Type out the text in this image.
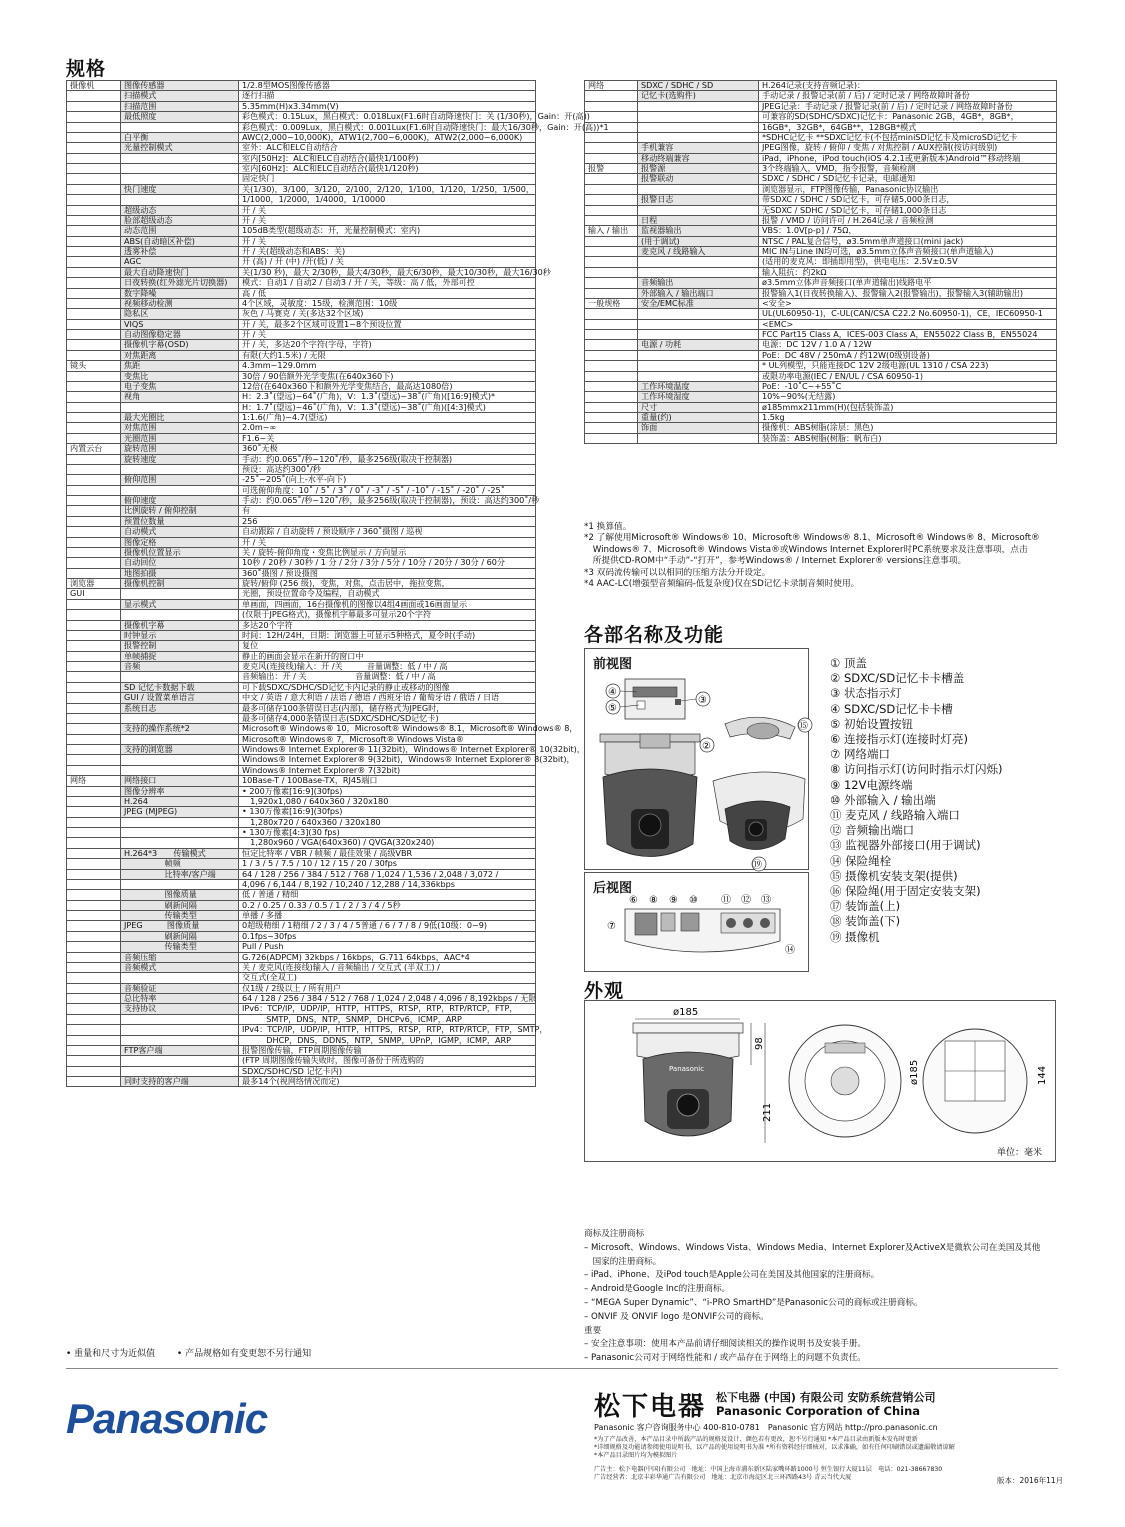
规格
摄像机	图像传感器	1/2.8型MOS图像传感器
	扫描模式	逐行扫描
	扫描范围	5.35mm(H)x3.34mm(V)
	最低照度	彩色模式：0.15Lux，黑白模式：0.018Lux(F1.6时自动降速快门：关 (1/30秒)，Gain：开(高))
		彩色模式：0.009Lux，黑白模式：0.001Lux(F1.6时自动降速快门：最大16/30秒，Gain：开(高))*1
	白平衡	AWC(2,000~10,000K)，ATW1(2,700~6,000K)，ATW2(2,000~6,000K)
	光量控制模式	室外：ALC和ELC自动结合
		室内[50Hz]：ALC和ELC自动结合(最快1/100秒)
		室内[60Hz]：ALC和ELC自动结合(最快1/120秒)
		固定快门
	快门速度	关(1/30)，3/100，3/120，2/100，2/120，1/100，1/120，1/250，1/500，
		1/1000，1/2000，1/4000，1/10000
	超级动态	开 / 关
	脸部超级动态	开 / 关
	动态范围	105dB类型(超级动态：开，光量控制模式：室内)
	ABS(自动暗区补偿)	开 / 关
	透雾补偿	开 / 关(超级动态和ABS：关)
	AGC	开 (高) / 开 (中) /开(低) / 关
	最大自动降速快门	关(1/30 秒)，最大 2/30秒，最大4/30秒，最大6/30秒，最大10/30秒，最大16/30秒
	日夜转换(红外滤光片切换器)	模式：自动1 / 自动2 / 自动3 / 开 / 关，等级：高 / 低，外部可控
	数字降噪	高 / 低
	视频移动检测	4个区域，灵敏度：15级，检测范围：10级
	隐私区	灰色 / 马赛克 / 关(多达32个区域)
	VIQS	开 / 关，最多2个区域可设置1~8个预设位置
	自动图像稳定器	开 / 关
	摄像机字幕(OSD)	开 / 关，多达20个字符(字母，字符)
	对焦距离	有限(大约1.5米) / 无限
镜头	焦距	4.3mm~129.0mm
	变焦比	30倍 / 90倍额外光学变焦(在640x360下)
	电子变焦	12倍(在640x360下和额外光学变焦结合，最高达1080倍)
	视角	H：2.3˚(望远)~64˚(广角)，V：1.3˚(望远)~38˚(广角)([16:9]模式)*
		H：1.7˚(望远)~46˚(广角)，V：1.3˚(望远)~38˚(广角)([4:3]模式)
	最大光圈比	1:1.6(广角)~4.7(望远)
	对焦范围	2.0m~∞
	光圈范围	F1.6~关
内置云台	旋转范围	360˚无极
	旋转速度	手动：约0.065˚/秒~120˚/秒，最多256级(取决于控制器)
		预设：高达约300˚/秒
	俯仰范围	-25˚~205˚(向上-水平-向下)
		可选俯仰角度：10˚ / 5˚ / 3˚ / 0˚ / -3˚ / -5˚ / -10˚ / -15˚ / -20˚ / -25˚
	俯仰速度	手动：约0.065˚/秒~120˚/秒，最多256级(取决于控制器)，预设：高达约300˚/秒
	比例旋转 / 俯仰控制	有
	预置位数量	256
	自动模式	自动跟踪 / 自动旋转 / 预设顺序 / 360˚摄图 / 巡视
	图像定格	开 / 关
	摄像机位置显示	关 / 旋转-俯仰角度・变焦比例显示 / 方向显示
	自动回位	10秒 / 20秒 / 30秒 / 1 分 / 2分 / 3分 / 5分 / 10分 / 20分 / 30分 / 60分
	地图拍摄	360˚摄图 / 预设摄图
浏览器	摄像机控制	旋转/俯仰 (256 级)，变焦，对焦，点击居中，拖拉变焦，
GUI		光圈，预设位置命令及编程，自动模式
	显示模式	单画面，四画面，16台摄像机的图像以4组4画面或16画面显示
		(仅限于JPEG格式)，摄像机字幕最多可显示20个字符
	摄像机字幕	多达20个字符
	时钟显示	时间：12H/24H，日期：浏览器上可显示5种格式，夏令时(手动)
	报警控制	复位
	单帧捕捉	静止的画面会显示在新开的窗口中
	音频	麦克风(连接线)输入：开 /关　　　音量调整：低 / 中 / 高
		音频输出：开 / 关　　　　　　音量调整：低 / 中 / 高
	SD 记忆卡数据下载	可下载SDXC/SDHC/SD记忆卡内记录的静止或移动的图像
	GUI / 设置菜单语言	中文 / 英语 / 意大利语 / 法语 / 德语 / 西班牙语 / 葡萄牙语 / 俄语 / 日语
	系统日志	最多可储存100条错误日志(内部)，储存格式为JPEG时，
		最多可储存4,000条错误日志(SDXC/SDHC/SD记忆卡)
	支持的操作系统*2	Microsoft® Windows® 10，Microsoft® Windows® 8.1，Microsoft® Windows® 8，
		Microsoft® Windows® 7，Microsoft® Windows Vista®
	支持的浏览器	Windows® Internet Explorer® 11(32bit)，Windows® Internet Explorer® 10(32bit)，
		Windows® Internet Explorer® 9(32bit)，Windows® Internet Explorer® 8(32bit)，
		Windows® Internet Explorer® 7(32bit)
网络	网络接口	10Base-T / 100Base-TX，RJ45端口
	图像分辨率	• 200万像素[16:9](30fps)
	H.264	　1,920x1,080 / 640x360 / 320x180
	JPEG (MJPEG)	• 130万像素[16:9](30fps)
		　1,280x720 / 640x360 / 320x180
		• 130万像素[4:3](30 fps)
		　1,280x960 / VGA(640x360) / QVGA(320x240)
	H.264*3　　传输模式	恒定比特率 / VBR / 帧频 / 最佳效果 / 高级VBR
	　　　　　帧频	1 / 3 / 5 / 7.5 / 10 / 12 / 15 / 20 / 30fps
	　　　　　比特率/客户端	64 / 128 / 256 / 384 / 512 / 768 / 1,024 / 1,536 / 2,048 / 3,072 /
		4,096 / 6,144 / 8,192 / 10,240 / 12,288 / 14,336kbps
	　　　　　图像质量	低 / 普通 / 精细
	　　　　　刷新间隔	0.2 / 0.25 / 0.33 / 0.5 / 1 / 2 / 3 / 4 / 5秒
	　　　　　传输类型	单播 / 多播
	JPEG　　　图像质量	0超级精细 / 1精细 / 2 / 3 / 4 / 5普通 / 6 / 7 / 8 / 9低(10级：0~9)
	　　　　　刷新间隔	0.1fps~30fps
	　　　　　传输类型	Pull / Push
	音频压缩	G.726(ADPCM) 32kbps / 16kbps，G.711 64kbps，AAC*4
	音频模式	关 / 麦克风(连接线)输入 / 音频输出 / 交互式 (半双工) /
		交互式(全双工)
	音频验证	仅1级 / 2级以上 / 所有用户
	总比特率	64 / 128 / 256 / 384 / 512 / 768 / 1,024 / 2,048 / 4,096 / 8,192kbps / 无限
	支持协议	IPv6：TCP/IP，UDP/IP，HTTP，HTTPS，RTSP，RTP，RTP/RTCP，FTP，
		　　　SMTP，DNS，NTP，SNMP，DHCPv6，ICMP，ARP
		IPv4：TCP/IP，UDP/IP，HTTP，HTTPS，RTSP，RTP，RTP/RTCP，FTP，SMTP，
		　　　DHCP，DNS，DDNS，NTP，SNMP，UPnP，IGMP，ICMP，ARP
	FTP客户端	报警图像传输，FTP周期图像传输
		(FTP 周期图像传输失败时，图像可备份于所选购的
		SDXC/SDHC/SD 记忆卡内)
	同时支持的客户端	最多14个(视网络情况而定)
网络	SDXC / SDHC / SD	H.264记录(支持音频记录)：
	记忆卡(选购件)	手动记录 / 报警记录(前 / 后) / 定时记录 / 网络故障时备份
		JPEG记录：手动记录 / 报警记录(前 / 后) / 定时记录 / 网络故障时备份
		可兼容的SD(SDHC/SDXC)记忆卡：Panasonic 2GB，4GB*，8GB*，
		16GB*，32GB*，64GB**，128GB*模式
		*SDHC记忆卡 **SDXC记忆卡(不包括miniSD记忆卡及microSD记忆卡
	手机兼容	JPEG图像，旋转 / 俯仰 / 变焦 / 对焦控制 / AUX控制(按访问级别)
	移动终端兼容	iPad，iPhone，iPod touch(iOS 4.2.1或更新版本)Android™移动终端
报警	报警源	3个终端输入，VMD，指令报警，音频检测
	报警联动	SDXC / SDHC / SD记忆卡记录，电邮通知
		浏览器显示，FTP图像传输，Panasonic协议输出
	报警日志	带SDXC / SDHC / SD记忆卡，可存储5,000条日志，
		无SDXC / SDHC / SD记忆卡，可存储1,000条日志
	日程	报警 / VMD / 访问许可 / H.264记录 / 音频检测
输入 / 输出	监视器输出	VBS：1.0V[p-p] / 75Ω，
	(用于调试)	NTSC / PAL复合信号，ø3.5mm单声道接口(mini jack)
	麦克风 / 线路输入	MIC IN与Line IN均可选，ø3.5mm立体声音频接口(单声道输入)
		(适用的麦克风：即插即用型)，供电电压：2.5V±0.5V
		输入阻抗：约2kΩ
	音频输出	ø3.5mm立体声音频接口(单声道输出)线路电平
	外部输入 / 输出端口	报警输入1(日夜转换输入)、报警输入2(报警输出)，报警输入3(辅助输出)
一般规格	安全/EMC标准	<安全>
		UL(UL60950-1)，C-UL(CAN/CSA C22.2 No.60950-1)，CE，IEC60950-1
		<EMC>
		FCC Part15 Class A，ICES-003 Class A，EN55022 Class B，EN55024
	电源 / 功耗	电源：DC 12V / 1.0 A / 12W
		PoE：DC 48V / 250mA / 约12W(0级别设备)
		* UL列模型，只能连接DC 12V 2级电源(UL 1310 / CSA 223)
		或限功率电源(IEC / EN/UL / CSA 60950-1)
	工作环境温度	PoE：-10˚C~+55˚C
	工作环境湿度	10%~90%(无结露)
	尺寸	ø185mmx211mm(H)(包括装饰盖)
	重量(约)	1.5kg
	饰面	摄像机：ABS树脂(涂层：黑色)
		装饰盖：ABS树脂(树脂：帆布白)
*1 换算值。
*2 了解使用Microsoft® Windows® 10、Microsoft® Windows® 8.1、Microsoft® Windows® 8、Microsoft®
　Windows® 7、Microsoft® Windows Vista®或Windows Internet Explorer时PC系统要求及注意事项，点击
　所提供CD-ROM中“手动”-“打开”，参考Windows® / Internet Explorer® versions注意事项。
*3 双码流传输可以以相同的压缩方法分开设定。
*4 AAC-LC(增强型音频编码-低复杂度)仅在SD记忆卡录制音频时使用。
各部名称及功能
前视图
④
⑤
③
②
⑮
⑲
后视图
⑥ ⑧ ⑨ ⑩ ⑪ ⑫ ⑬
⑦
⑭
① 顶盖
② SDXC/SD记忆卡卡槽盖
③ 状态指示灯
④ SDXC/SD记忆卡卡槽
⑤ 初始设置按钮
⑥ 连接指示灯(连接时灯亮)
⑦ 网络端口
⑧ 访问指示灯(访问时指示灯闪烁)
⑨ 12V电源终端
⑩ 外部输入 / 输出端
⑪ 麦克风 / 线路输入端口
⑫ 音频输出端口
⑬ 监视器外部接口(用于调试)
⑭ 保险绳栓
⑮ 摄像机安装支架(提供)
⑯ 保险绳(用于固定安装支架)
⑰ 装饰盖(上)
⑱ 装饰盖(下)
⑲ 摄像机
外观
ø185
Panasonic
98
211
ø185	144
单位：毫米
商标及注册商标
– Microsoft、Windows、Windows Vista、Windows Media、Internet Explorer及ActiveX是微软公司在美国及其他
　国家的注册商标。
– iPad、iPhone、及iPod touch是Apple公司在美国及其他国家的注册商标。
– Android是Google Inc的注册商标。
– “MEGA Super Dynamic”、“i-PRO SmartHD”是Panasonic公司的商标或注册商标。
– ONVIF 及 ONVIF logo 是ONVIF公司的商标。
重要
– 安全注意事项：使用本产品前请仔细阅读相关的操作说明书及安装手册。
– Panasonic公司对于网络性能和 / 或产品存在于网络上的问题不负责任。
• 重量和尺寸为近似值 • 产品规格如有变更恕不另行通知
Panasonic	松下电器 松下电器 (中国) 有限公司 安防系统营销公司
Panasonic Corporation of China
Panasonic 客户咨询服务中心 400-810-0781　Panasonic 官方网站 http://pro.panasonic.cn
*为了产品改善，本产品目录中所载产品的规格及设计、颜色若有更改，恕不另行通知 *本产品目录由新版本发布时更新
*详细规格及功能请参阅使用说明书，以产品的使用说明书为准 *所有资料经仔细核对，以求准确，如有任何印刷错误或遗漏敬请谅解
*本产品目录图片均为模拟图片
广告主：松下电器(中国)有限公司　地址：中国上海市浦东新区陆家嘴环路1000号 恒生银行大厦11层　电话：021-38667830
广告经营者：北京丰彩华通广告有限公司　地址：北京市海淀区北三环西路43号 青云当代大厦	版本：2016年11月
